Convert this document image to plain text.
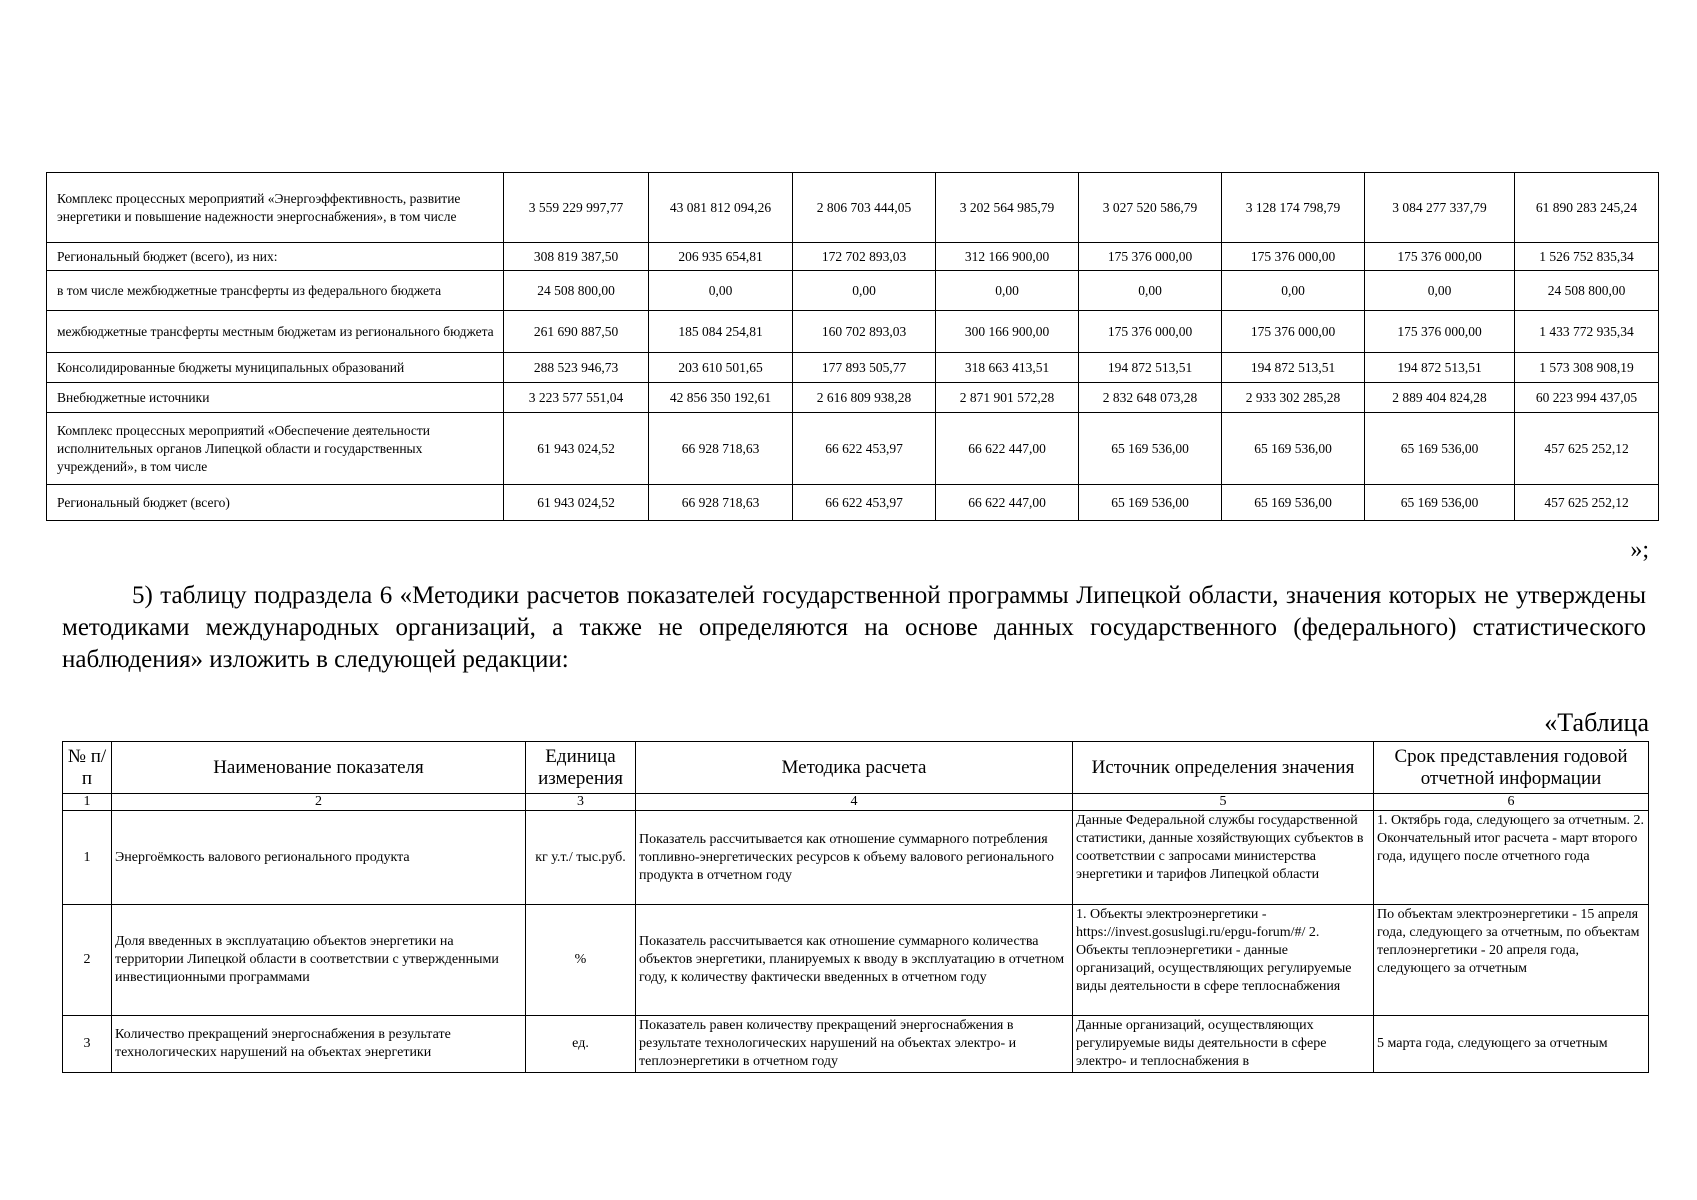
Комплекс процессных мероприятий «Энергоэффективность, развитие энергетики и повышение надежности энергоснабжения», в том числе	3 559 229 997,77	43 081 812 094,26	2 806 703 444,05	3 202 564 985,79	3 027 520 586,79	3 128 174 798,79	3 084 277 337,79	61 890 283 245,24
Региональный бюджет (всего), из них:	308 819 387,50	206 935 654,81	172 702 893,03	312 166 900,00	175 376 000,00	175 376 000,00	175 376 000,00	1 526 752 835,34
в том числе межбюджетные трансферты из федерального бюджета	24 508 800,00	0,00	0,00	0,00	0,00	0,00	0,00	24 508 800,00
межбюджетные трансферты местным бюджетам из регионального бюджета	261 690 887,50	185 084 254,81	160 702 893,03	300 166 900,00	175 376 000,00	175 376 000,00	175 376 000,00	1 433 772 935,34
Консолидированные бюджеты муниципальных образований	288 523 946,73	203 610 501,65	177 893 505,77	318 663 413,51	194 872 513,51	194 872 513,51	194 872 513,51	1 573 308 908,19
Внебюджетные источники	3 223 577 551,04	42 856 350 192,61	2 616 809 938,28	2 871 901 572,28	2 832 648 073,28	2 933 302 285,28	2 889 404 824,28	60 223 994 437,05
Комплекс процессных мероприятий «Обеспечение деятельности исполнительных органов Липецкой области и государственных учреждений», в том числе	61 943 024,52	66 928 718,63	66 622 453,97	66 622 447,00	65 169 536,00	65 169 536,00	65 169 536,00	457 625 252,12
Региональный бюджет (всего)	61 943 024,52	66 928 718,63	66 622 453,97	66 622 447,00	65 169 536,00	65 169 536,00	65 169 536,00	457 625 252,12
»;

5) таблицу подраздела 6 «Методики расчетов показателей государственной программы Липецкой области, значения которых не утверждены методиками международных организаций, а также не определяются на основе данных государственного (федерального) статистического наблюдения» изложить в следующей редакции:

«Таблица
№ п/п	Наименование показателя	Единица измерения	Методика расчета	Источник определения значения	Срок представления годовой отчетной информации
1	2	3	4	5	6
1	Энергоёмкость валового регионального продукта	кг у.т./ тыс.руб.	Показатель рассчитывается как отношение суммарного потребления топливно-энергетических ресурсов к объему валового регионального продукта в отчетном году	Данные Федеральной службы государственной статистики, данные хозяйствующих субъектов в соответствии с запросами министерства энергетики и тарифов Липецкой области	1. Октябрь года, следующего за отчетным. 2. Окончательный итог расчета - март второго года, идущего после отчетного года
2	Доля введенных в эксплуатацию объектов энергетики на территории Липецкой области в соответствии с утвержденными инвестиционными программами	%	Показатель рассчитывается как отношение суммарного количества объектов энергетики, планируемых к вводу в эксплуатацию в отчетном году, к количеству фактически введенных в отчетном году	1. Объекты электроэнергетики - https://invest.gosuslugi.ru/epgu-forum/#/ 2. Объекты теплоэнергетики - данные организаций, осуществляющих регулируемые виды деятельности в сфере теплоснабжения	По объектам электроэнергетики - 15 апреля года, следующего за отчетным, по объектам теплоэнергетики - 20 апреля года, следующего за отчетным
3	Количество прекращений энергоснабжения в результате технологических нарушений на объектах энергетики	ед.	Показатель равен количеству прекращений энергоснабжения в результате технологических нарушений на объектах электро- и теплоэнергетики в отчетном году	Данные организаций, осуществляющих регулируемые виды деятельности в сфере электро- и теплоснабжения в	5 марта года, следующего за отчетным
